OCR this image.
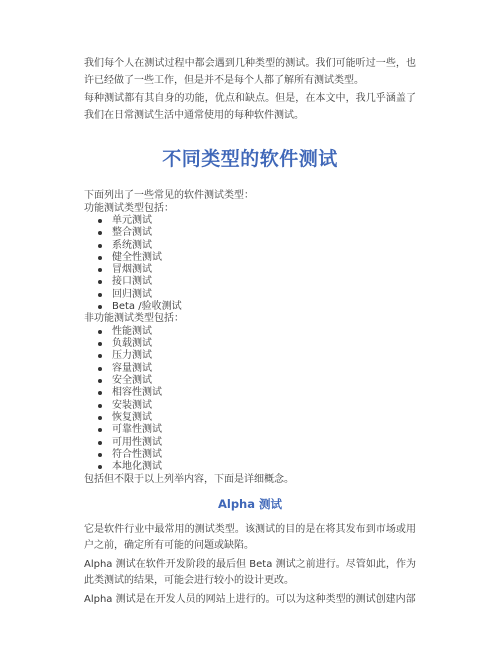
我们每个人在测试过程中都会遇到几种类型的测试。我们可能听过一些，也许已经做了一些工作，但是并不是每个人都了解所有测试类型。

每种测试都有其自身的功能，优点和缺点。但是，在本文中，我几乎涵盖了我们在日常测试生活中通常使用的每种软件测试。

不同类型的软件测试

下面列出了一些常见的软件测试类型：

功能测试类型包括：

单元测试
整合测试
系统测试
健全性测试
冒烟测试
接口测试
回归测试
Beta /验收测试

非功能测试类型包括：

性能测试
负载测试
压力测试
容量测试
安全测试
相容性测试
安装测试
恢复测试
可靠性测试
可用性测试
符合性测试
本地化测试

包括但不限于以上列举内容，下面是详细概念。

Alpha 测试

它是软件行业中最常用的测试类型。该测试的目的是在将其发布到市场或用户之前，确定所有可能的问题或缺陷。

Alpha 测试在软件开发阶段的最后但 Beta 测试之前进行。尽管如此，作为此类测试的结果，可能会进行较小的设计更改。

Alpha 测试是在开发人员的网站上进行的。可以为这种类型的测试创建内部
